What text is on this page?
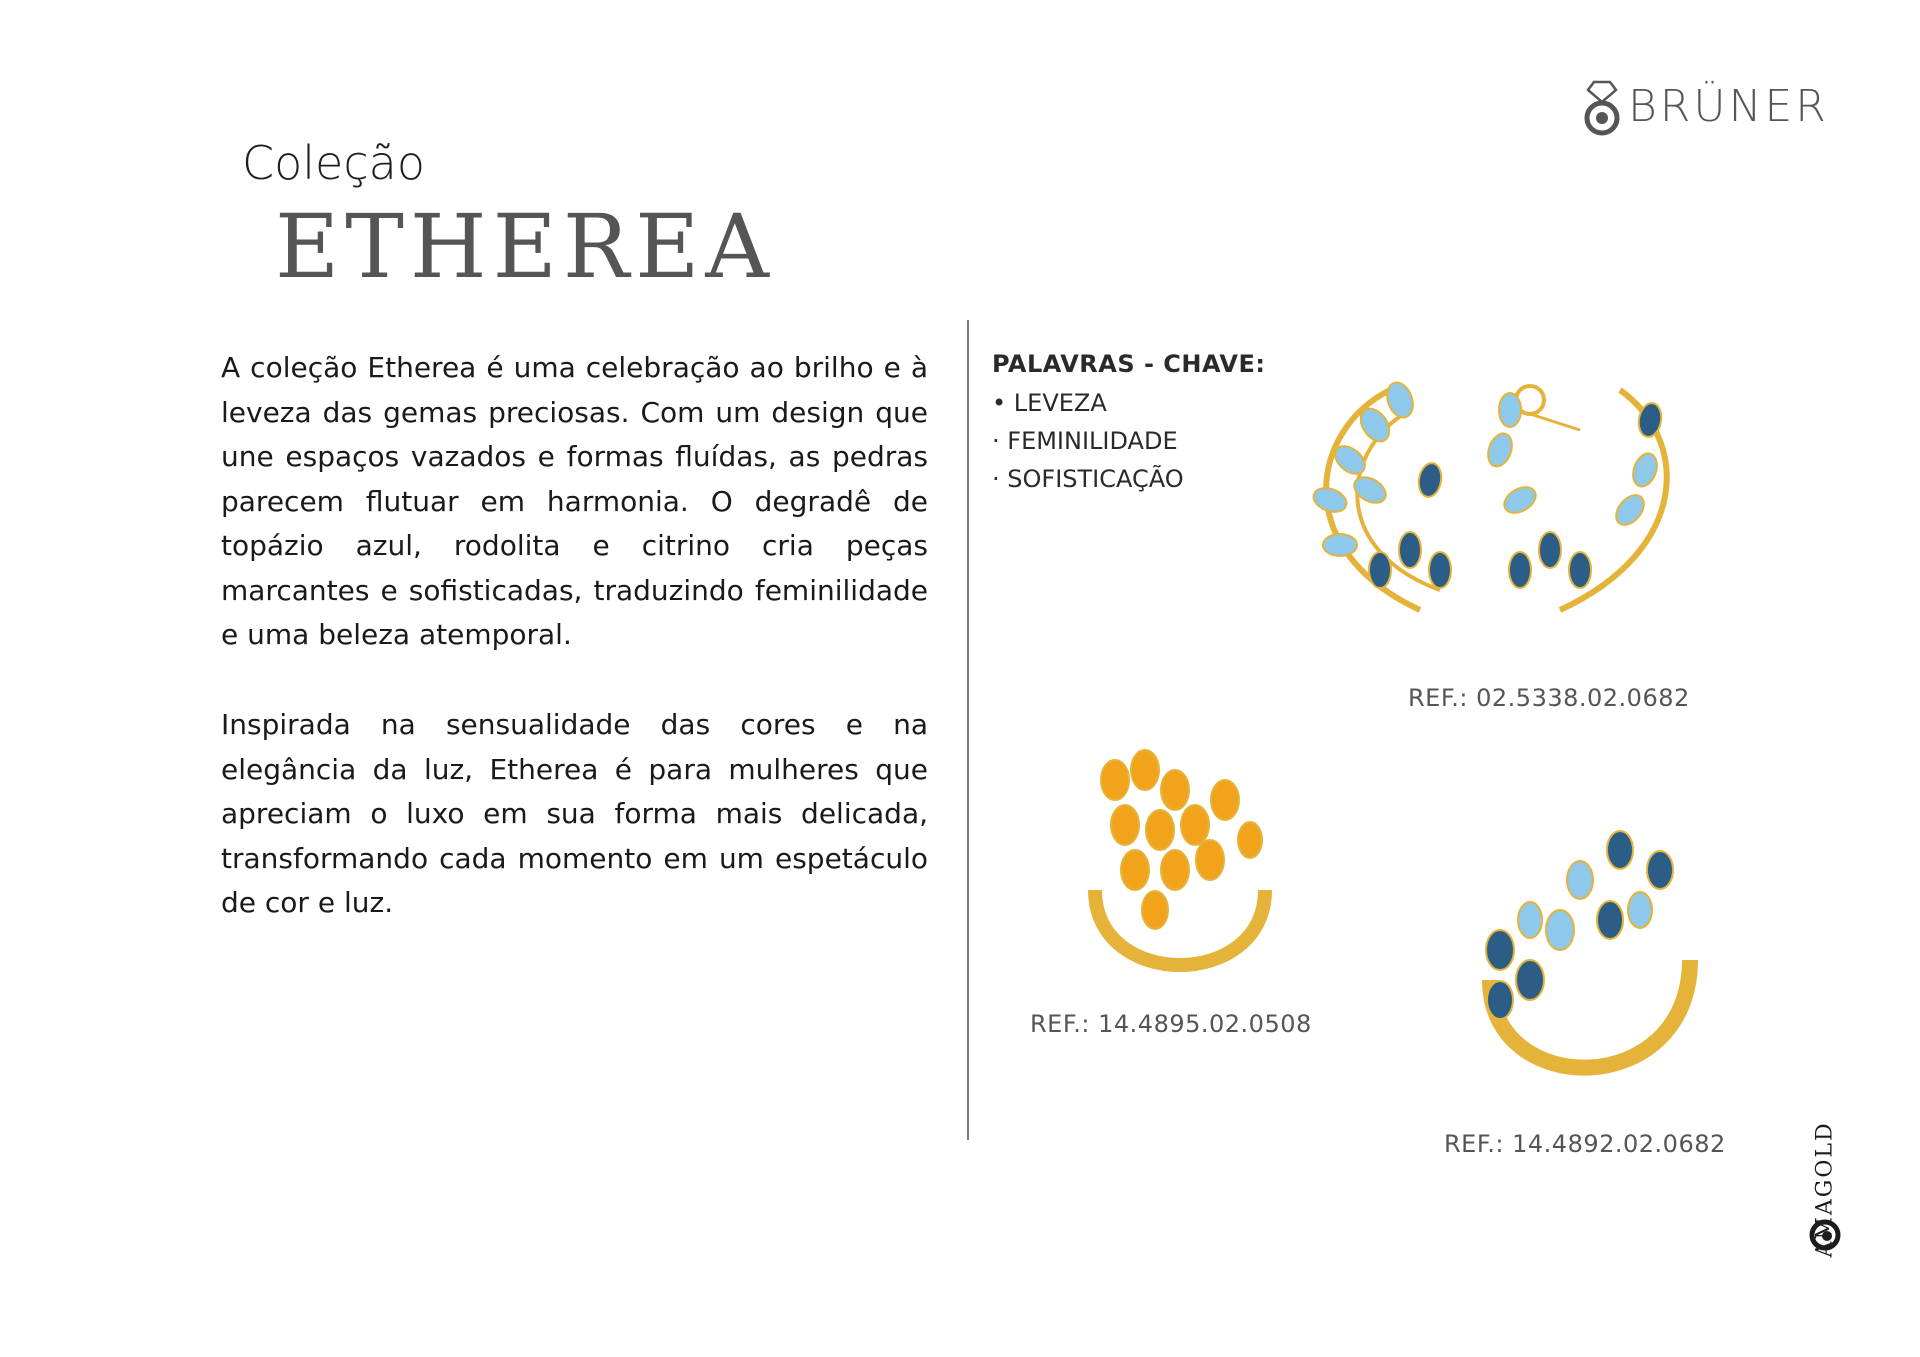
BRÜNER
Coleção
ETHEREA

A coleção Etherea é uma celebração ao brilho e à leveza das gemas preciosas. Com um design que une espaços vazados e formas fluídas, as pedras parecem flutuar em harmonia. O degradê de topázio azul, rodolita e citrino cria peças marcantes e sofisticadas, traduzindo feminilidade e uma beleza atemporal.

Inspirada na sensualidade das cores e na elegância da luz, Etherea é para mulheres que apreciam o luxo em sua forma mais delicada, transformando cada momento em um espetáculo de cor e luz.

PALAVRAS - CHAVE:
• LEVEZA
· FEMINILIDADE
· SOFISTICAÇÃO
REF.: 02.5338.02.0682
REF.: 14.4895.02.0508
REF.: 14.4892.02.0682	AMAGOLD
